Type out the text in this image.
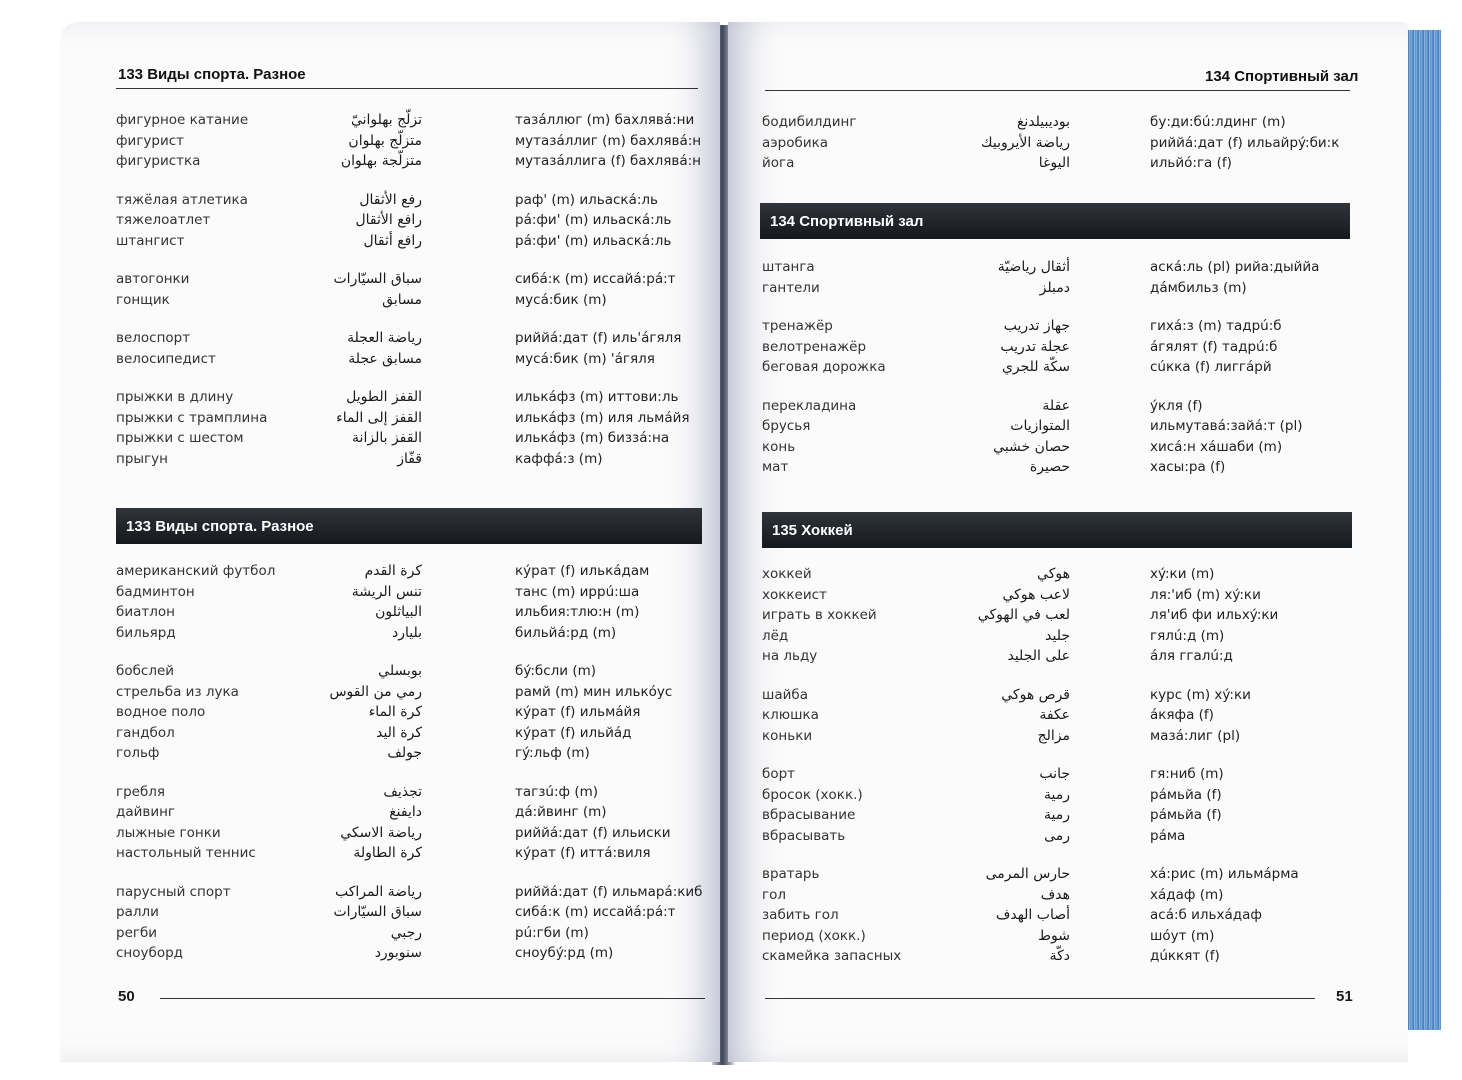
133 Виды спорта. Разное	134 Спортивный зал
фигурное катание	تزلّج بهلوانيّ	тазáллюг (m) бахлявá:ни
фигурист	متزلّج بهلوان	мутазáллиг (m) бахлявá:н
фигуристка	متزلّجة بهلوان	мутазáллига (f) бахлявá:н
тяжёлая атлетика	رفع الأثقال	раф' (m) ильаскá:ль
тяжелоатлет	رافع الأثقال	рá:фи' (m) ильаскá:ль
штангист	رافع أثقال	рá:фи' (m) ильаскá:ль
автогонки	سباق السيّارات	сибá:к (m) иссайá:рá:т
гонщик	مسابق	мусá:бик (m)
велоспорт	رياضة العجلة	риййá:дат (f) иль'áгяля
велосипедист	مسابق عجلة	мусá:бик (m) 'áгяля
прыжки в длину	القفز الطويل	илькáфз (m) иттови:ль
прыжки с трамплина	القفز إلى الماء	илькáфз (m) иля льмáйя
прыжки с шестом	القفز بالزانة	илькáфз (m) биззá:на
прыгун	قفّاز	каффá:з (m)
133 Виды спорта. Разное
американский футбол	كرة القدم	кýрат (f) илькáдам
бадминтон	تنس الريشة	танс (m) иррú:ша
биатлон	البياثلون	ильбия:тлю:н (m)
бильярд	بليارد	бильйá:рд (m)
бобслей	بوبسلي	бý:бсли (m)
стрельба из лука	رمي من القوس	рамй (m) мин илькóус
водное поло	كرة الماء	кýрат (f) ильмáйя
гандбол	كرة اليد	кýрат (f) ильйáд
гольф	جولف	гý:льф (m)
гребля	تجذيف	тагзú:ф (m)
дайвинг	دايفنغ	дá:йвинг (m)
лыжные гонки	رياضة الاسكي	риййá:дат (f) ильиски
настольный теннис	كرة الطاولة	кýрат (f) иттá:виля
парусный спорт	رياضة المراكب	риййá:дат (f) ильмарá:киб
ралли	سباق السيّارات	сибá:к (m) иссайá:рá:т
регби	رجبي	рú:гби (m)
сноуборд	سنوبورد	сноубý:рд (m)
бодибилдинг	بوديبيلدنغ	бу:ди:бú:лдинг (m)
аэробика	رياضة الأيروبيك	риййá:дат (f) ильайрý:би:к
йога	اليوغا	ильйó:га (f)
134 Спортивный зал
штанга	أثقال رياضيّة	аскá:ль (pl) рийа:дыййа
гантели	دمبلز	дáмбильз (m)
тренажёр	جهاز تدريب	гихá:з (m) тадрú:б
велотренажёр	عجلة تدريب	áгялят (f) тадрú:б
беговая дорожка	سكّة للجري	сúкка (f) лиггáрй
перекладина	عقلة	ýкля (f)
брусья	المتوازيات	ильмутавá:зайá:т (pl)
конь	حصان خشبي	хисá:н хáшаби (m)
мат	حصيرة	хасы:ра (f)
135 Хоккей
хоккей	هوكي	хý:ки (m)
хоккеист	لاعب هوكي	ля:'иб (m) хý:ки
играть в хоккей	لعب في الهوكي	ля'иб фи ильхý:ки
лёд	جليد	гялú:д (m)
на льду	على الجليد	áля ггалú:д
шайба	قرص هوكي	курс (m) хý:ки
клюшка	عكفة	áкяфа (f)
коньки	مزالج	мазá:лиг (pl)
борт	جانب	гя:ниб (m)
бросок (хокк.)	رمية	рáмьйа (f)
вбрасывание	رمية	рáмьйа (f)
вбрасывать	رمى	рáма
вратарь	حارس المرمى	хá:рис (m) ильмáрма
гол	هدف	хáдаф (m)
забить гол	أصاب الهدف	асá:б ильхáдаф
период (хокк.)	شوط	шóут (m)
скамейка запасных	دكّة	дúккят (f)
50	51
